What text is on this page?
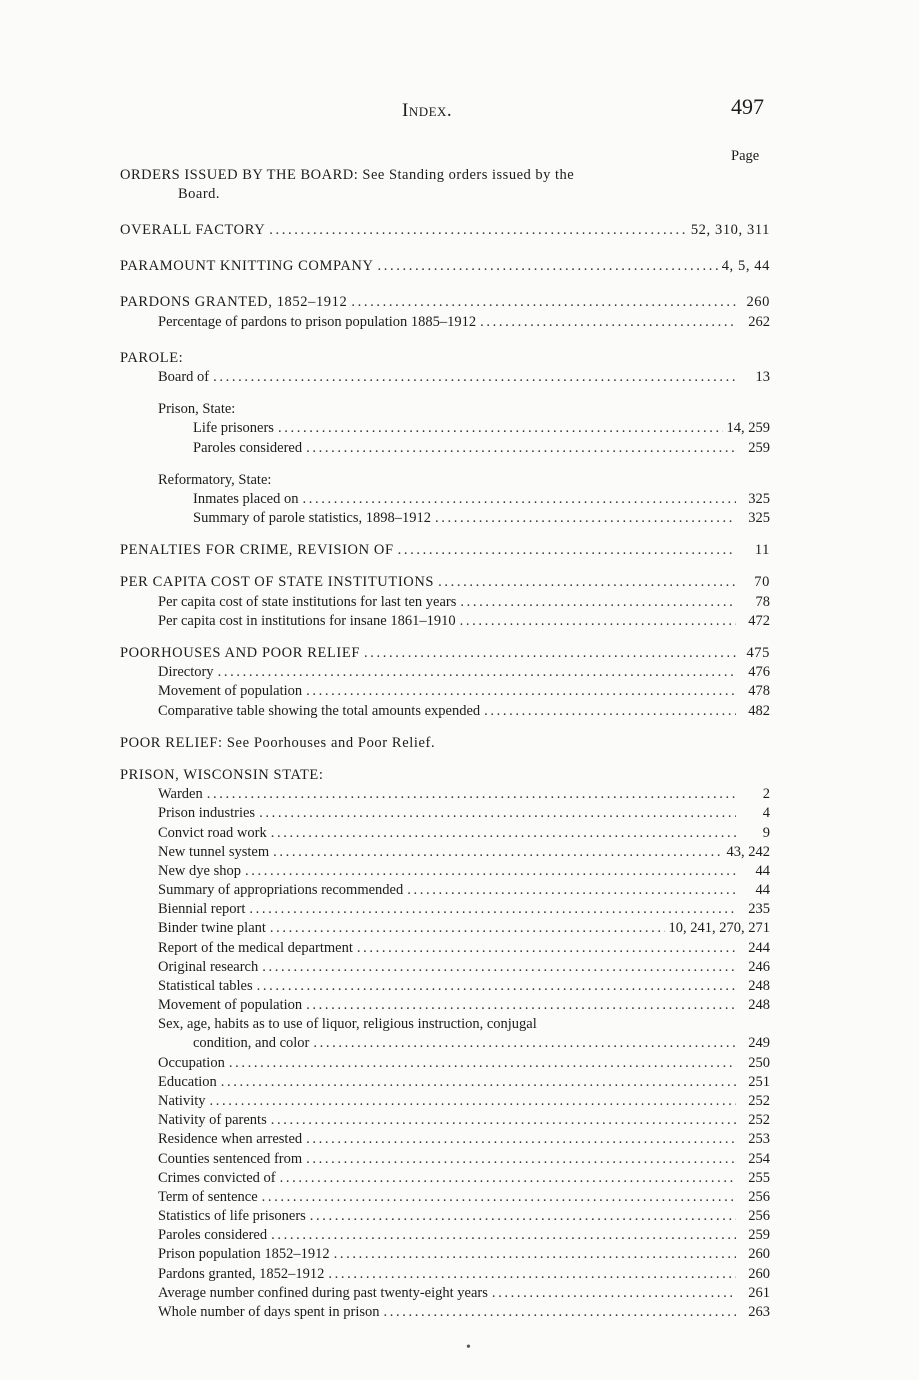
Index.	497
Page
ORDERS ISSUED BY THE BOARD: See Standing orders issued by the
Board.
OVERALL FACTORY . . .	52, 310, 311
PARAMOUNT KNITTING COMPANY . . .	4, 5, 44
PARDONS GRANTED, 1852–1912 . . .	260
Percentage of pardons to prison population 1885–1912 . . .	262
PAROLE:
Board of . . .	13
Prison, State:
Life prisoners . . .	14, 259
Paroles considered . . .	259
Reformatory, State:
Inmates placed on . . .	325
Summary of parole statistics, 1898–1912 . . .	325
PENALTIES FOR CRIME, REVISION OF . . .	11
PER CAPITA COST OF STATE INSTITUTIONS . . .	70
Per capita cost of state institutions for last ten years . . .	78
Per capita cost in institutions for insane 1861–1910 . . .	472
POORHOUSES AND POOR RELIEF . . .	475
Directory . . .	476
Movement of population . . .	478
Comparative table showing the total amounts expended . . .	482
POOR RELIEF: See Poorhouses and Poor Relief.
PRISON, WISCONSIN STATE:
Warden . . .	2
Prison industries . . .	4
Convict road work . . .	9
New tunnel system . . .	43, 242
New dye shop . . .	44
Summary of appropriations recommended . . .	44
Biennial report . . .	235
Binder twine plant . . .	10, 241, 270, 271
Report of the medical department . . .	244
Original research . . .	246
Statistical tables . . .	248
Movement of population . . .	248
Sex, age, habits as to use of liquor, religious instruction, conjugal
condition, and color . . .	249
Occupation . . .	250
Education . . .	251
Nativity . . .	252
Nativity of parents . . .	252
Residence when arrested . . .	253
Counties sentenced from . . .	254
Crimes convicted of . . .	255
Term of sentence . . .	256
Statistics of life prisoners . . .	256
Paroles considered . . .	259
Prison population 1852–1912 . . .	260
Pardons granted, 1852–1912 . . .	260
Average number confined during past twenty-eight years . . .	261
Whole number of days spent in prison . . .	263
•
